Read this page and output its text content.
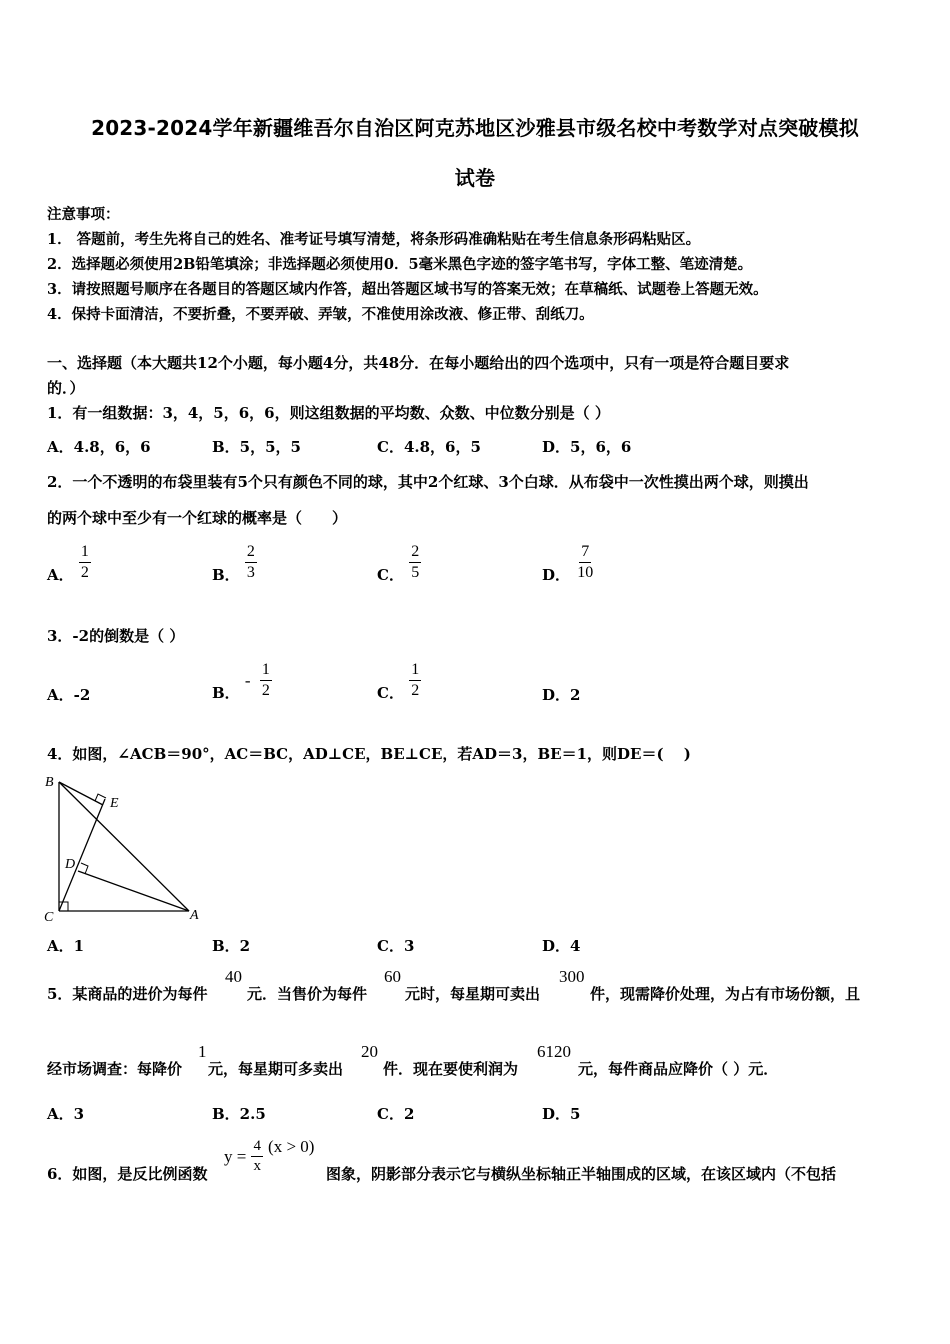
2023-2024学年新疆维吾尔自治区阿克苏地区沙雅县市级名校中考数学对点突破模拟
试卷
注意事项：
1． 答题前，考生先将自己的姓名、准考证号填写清楚，将条形码准确粘贴在考生信息条形码粘贴区。
2．选择题必须使用2B铅笔填涂；非选择题必须使用0．5毫米黑色字迹的签字笔书写，字体工整、笔迹清楚。
3．请按照题号顺序在各题目的答题区域内作答，超出答题区域书写的答案无效；在草稿纸、试题卷上答题无效。
4．保持卡面清洁，不要折叠，不要弄破、弄皱，不准使用涂改液、修正带、刮纸刀。
一、选择题（本大题共12个小题，每小题4分，共48分．在每小题给出的四个选项中，只有一项是符合题目要求
的．）
1．有一组数据：3，4，5，6，6，则这组数据的平均数、众数、中位数分别是（ ）
A．4.8，6，6	B．5，5，5	C．4.8，6，5	D．5，6，6
2．一个不透明的布袋里装有5个只有颜色不同的球，其中2个红球、3个白球．从布袋中一次性摸出两个球，则摸出
的两个球中至少有一个红球的概率是（　　）
A． $\frac{1}{2}$	B． $\frac{2}{3}$	C． $\frac{2}{5}$	D． $\frac{7}{10}$
3．-2的倒数是（ ）
A．-2	B． - $\frac{1}{2}$	C． $\frac{1}{2}$	D．2
4．如图，∠ACB＝90°，AC＝BC，AD⊥CE，BE⊥CE，若AD＝3，BE＝1，则DE＝(　 )
B
E
D
C	A
A．1	B．2	C．3	D．4
5．某商品的进价为每件
40
元．当售价为每件
60
元时，每星期可卖出
300
件，现需降价处理，为占有市场份额，且
经市场调查：每降价
1
元，每星期可多卖出
20
件．现在要使利润为
6120
元，每件商品应降价（ ）元．
A．3	B．2.5	C．2	D．5
6．如图，是反比例函数
$y = \frac{4}{x} (x > 0)$
图象，阴影部分表示它与横纵坐标轴正半轴围成的区域，在该区域内（不包括
